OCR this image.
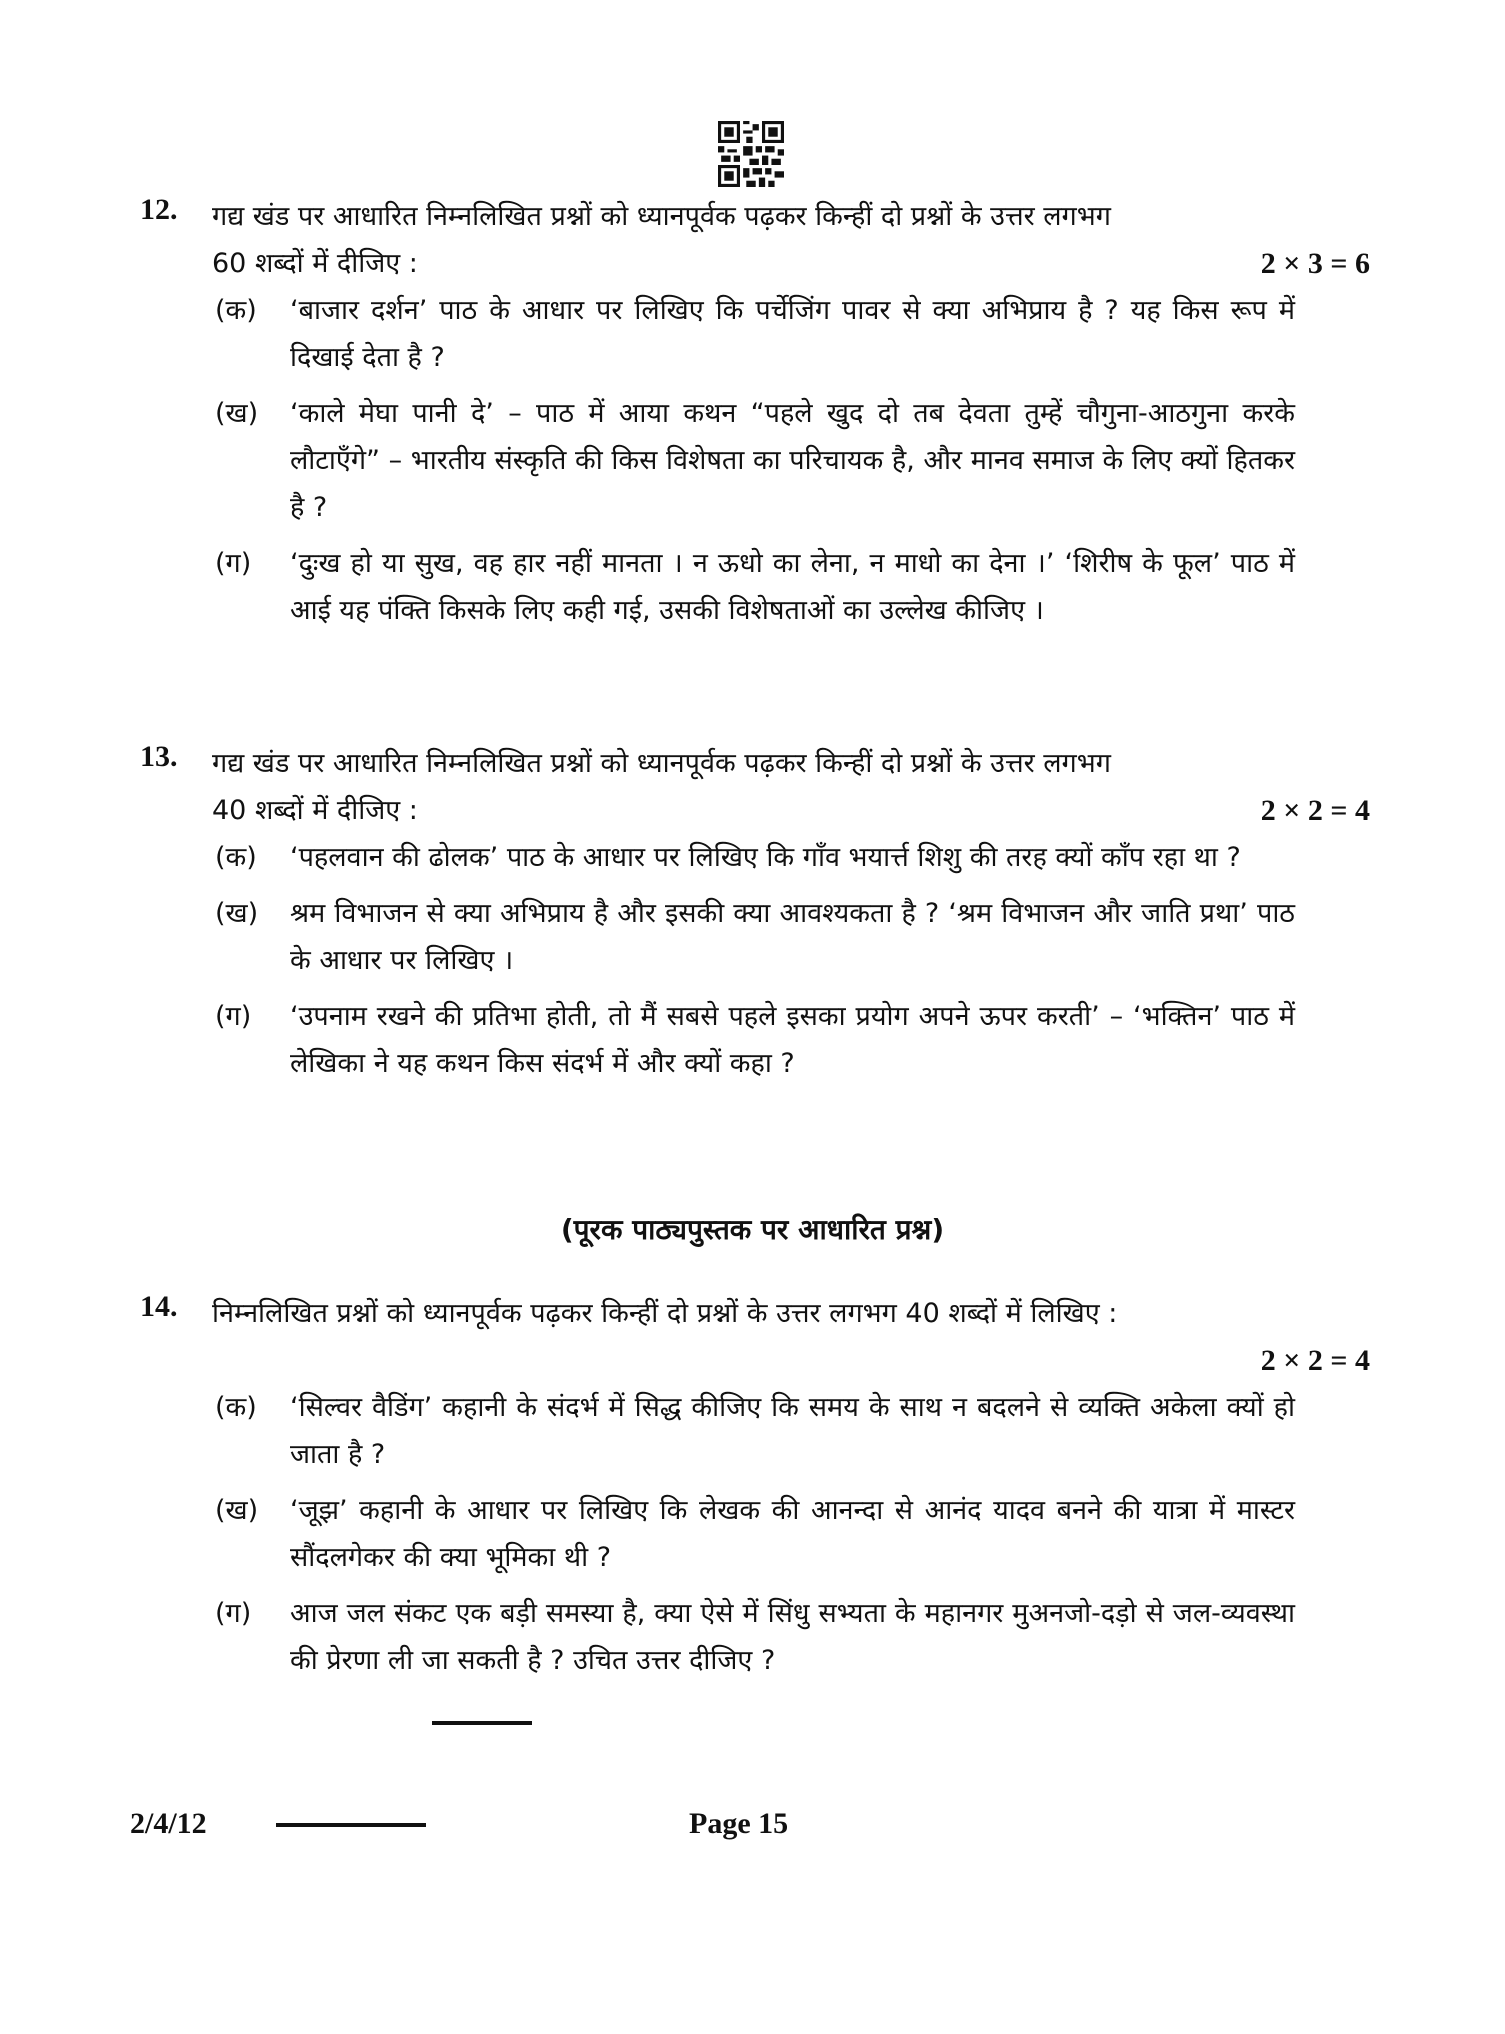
12. गद्य खंड पर आधारित निम्नलिखित प्रश्नों को ध्यानपूर्वक पढ़कर किन्हीं दो प्रश्नों के उत्तर लगभग
60 शब्दों में दीजिए :	2 × 3 = 6
(क) ‘बाजार दर्शन’ पाठ के आधार पर लिखिए कि पर्चेजिंग पावर से क्या अभिप्राय है ? यह किस रूप में दिखाई देता है ?
(ख) ‘काले मेघा पानी दे’ – पाठ में आया कथन “पहले खुद दो तब देवता तुम्हें चौगुना-आठगुना करके लौटाएँगे” – भारतीय संस्कृति की किस विशेषता का परिचायक है, और मानव समाज के लिए क्यों हितकर है ?
(ग) ‘दुःख हो या सुख, वह हार नहीं मानता । न ऊधो का लेना, न माधो का देना ।’ ‘शिरीष के फूल’ पाठ में आई यह पंक्ति किसके लिए कही गई, उसकी विशेषताओं का उल्लेख कीजिए ।
13. गद्य खंड पर आधारित निम्नलिखित प्रश्नों को ध्यानपूर्वक पढ़कर किन्हीं दो प्रश्नों के उत्तर लगभग
40 शब्दों में दीजिए :	2 × 2 = 4
(क) ‘पहलवान की ढोलक’ पाठ के आधार पर लिखिए कि गाँव भयार्त्त शिशु की तरह क्यों काँप रहा था ?
(ख) श्रम विभाजन से क्या अभिप्राय है और इसकी क्या आवश्यकता है ? ‘श्रम विभाजन और जाति प्रथा’ पाठ के आधार पर लिखिए ।
(ग) ‘उपनाम रखने की प्रतिभा होती, तो मैं सबसे पहले इसका प्रयोग अपने ऊपर करती’ – ‘भक्तिन’ पाठ में लेखिका ने यह कथन किस संदर्भ में और क्यों कहा ?
(पूरक पाठ्यपुस्तक पर आधारित प्रश्न)
14. निम्नलिखित प्रश्नों को ध्यानपूर्वक पढ़कर किन्हीं दो प्रश्नों के उत्तर लगभग 40 शब्दों में लिखिए :
2 × 2 = 4
(क) ‘सिल्वर वैडिंग’ कहानी के संदर्भ में सिद्ध कीजिए कि समय के साथ न बदलने से व्यक्ति अकेला क्यों हो जाता है ?
(ख) ‘जूझ’ कहानी के आधार पर लिखिए कि लेखक की आनन्दा से आनंद यादव बनने की यात्रा में मास्टर सौंदलगेकर की क्या भूमिका थी ?
(ग) आज जल संकट एक बड़ी समस्या है, क्या ऐसे में सिंधु सभ्यता के महानगर मुअनजो-दड़ो से जल-व्यवस्था की प्रेरणा ली जा सकती है ? उचित उत्तर दीजिए ?
2/4/12	Page 15
